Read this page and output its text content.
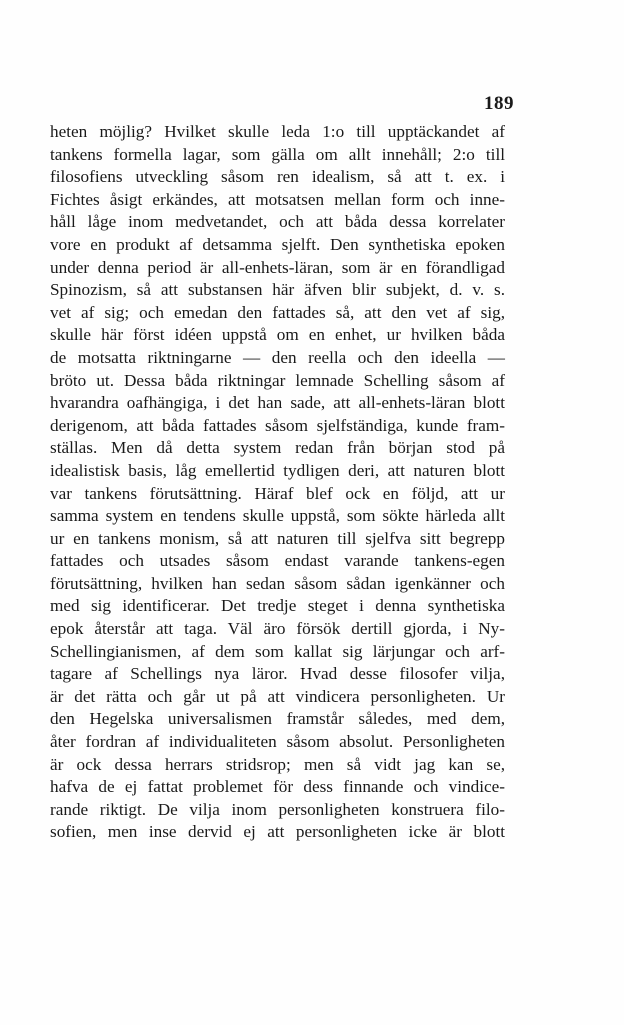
189
heten möjlig? Hvilket skulle leda 1:o till upptäckandet af
tankens formella lagar, som gälla om allt innehåll; 2:o till
filosofiens utveckling såsom ren idealism, så att t. ex. i
Fichtes åsigt erkändes, att motsatsen mellan form och inne-
håll låge inom medvetandet, och att båda dessa korrelater
vore en produkt af detsamma sjelft. Den synthetiska epoken
under denna period är all-enhets-läran, som är en förandligad
Spinozism, så att substansen här äfven blir subjekt, d. v. s.
vet af sig; och emedan den fattades så, att den vet af sig,
skulle här först idéen uppstå om en enhet, ur hvilken båda
de motsatta riktningarne — den reella och den ideella —
bröto ut. Dessa båda riktningar lemnade Schelling såsom af
hvarandra oafhängiga, i det han sade, att all-enhets-läran blott
derigenom, att båda fattades såsom sjelfständiga, kunde fram-
ställas. Men då detta system redan från början stod på
idealistisk basis, låg emellertid tydligen deri, att naturen blott
var tankens förutsättning. Häraf blef ock en följd, att ur
samma system en tendens skulle uppstå, som sökte härleda allt
ur en tankens monism, så att naturen till sjelfva sitt begrepp
fattades och utsades såsom endast varande tankens-egen
förutsättning, hvilken han sedan såsom sådan igenkänner och
med sig identificerar. Det tredje steget i denna synthetiska
epok återstår att taga. Väl äro försök dertill gjorda, i Ny-
Schellingianismen, af dem som kallat sig lärjungar och arf-
tagare af Schellings nya läror. Hvad desse filosofer vilja,
är det rätta och går ut på att vindicera personligheten. Ur
den Hegelska universalismen framstår således, med dem,
åter fordran af individualiteten såsom absolut. Personligheten
är ock dessa herrars stridsrop; men så vidt jag kan se,
hafva de ej fattat problemet för dess finnande och vindice-
rande riktigt. De vilja inom personligheten konstruera filo-
sofien, men inse dervid ej att personligheten icke är blott
